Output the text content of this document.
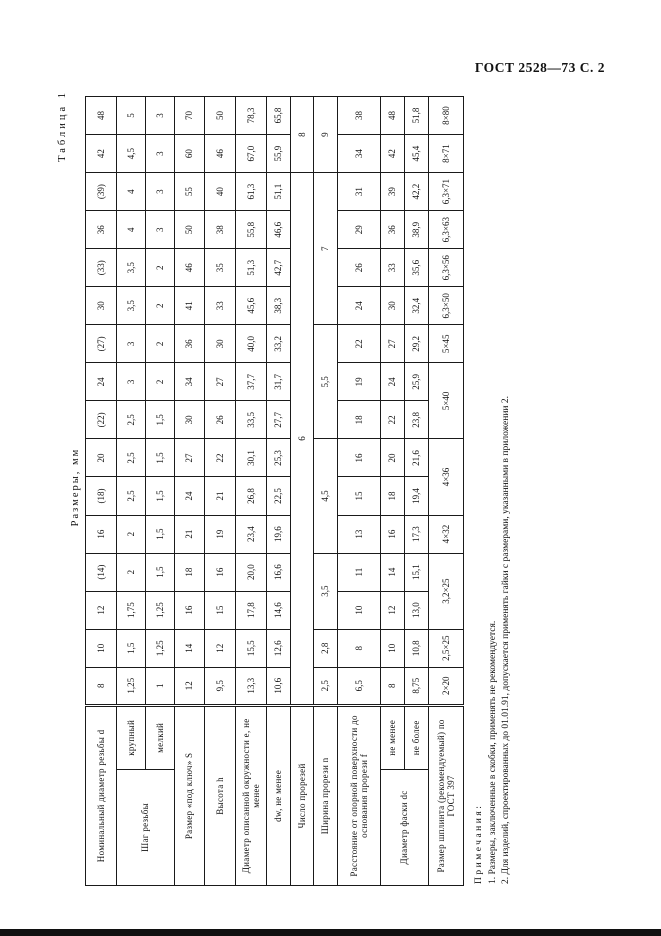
ГОСТ 2528—73 С. 2
Таблица 1
Размеры, мм
Номинальный диаметр резьбы d		8	10	12	(14)	16	(18)	20	(22)	24	(27)	30	(33)	36	(39)	42	48
Шаг резьбы	крупный	1,25	1,5	1,75	2	2	2,5	2,5	2,5	3	3	3,5	3,5	4	4	4,5	5
	мелкий	1	1,25	1,25	1,5	1,5	1,5	1,5	1,5	2	2	2	2	3	3	3	3
Размер «под ключ» S		12	14	16	18	21	24	27	30	34	36	41	46	50	55	60	70
Высота h		9,5	12	15	16	19	21	22	26	27	30	33	35	38	40	46	50
Диаметр описанной окружности е, не менее		13,3	15,5	17,8	20,0	23,4	26,8	30,1	33,5	37,7	40,0	45,6	51,3	55,8	61,3	67,0	78,3
dw, не менее		10,6	12,6	14,6	16,6	19,6	22,5	25,3	27,7	31,7	33,2	38,3	42,7	46,6	51,1	55,9	65,8
Число прорезей		6														8	
Ширина прорези n		2,5	2,8	3,5		4,5			5,5			7				9	
Расстояние от опорной поверхности до основания прорези f		6,5	8	10	11	13	15	16	18	19	22	24	26	29	31	34	38
Диаметр фаски dc	не менее	8	10	12	14	16	18	20	22	24	27	30	33	36	39	42	48
	не более	8,75	10,8	13,0	15,1	17,3	19,4	21,6	23,8	25,9	29,2	32,4	35,6	38,9	42,2	45,4	51,8
Размер шплинта (рекомендуемый) по ГОСТ 397		2×20	2,5×25	3,2×25		4×32	4×36		5×40		5×45	6,3×50	6,3×56	6,3×63	6,3×71	8×71	8×80
Примечания: 1. Размеры, заключенные в скобки, применять не рекомендуется. 2. Для изделий, спроектированных до 01.01.91, допускается применять гайки с размерами, указанными в приложении 2.
